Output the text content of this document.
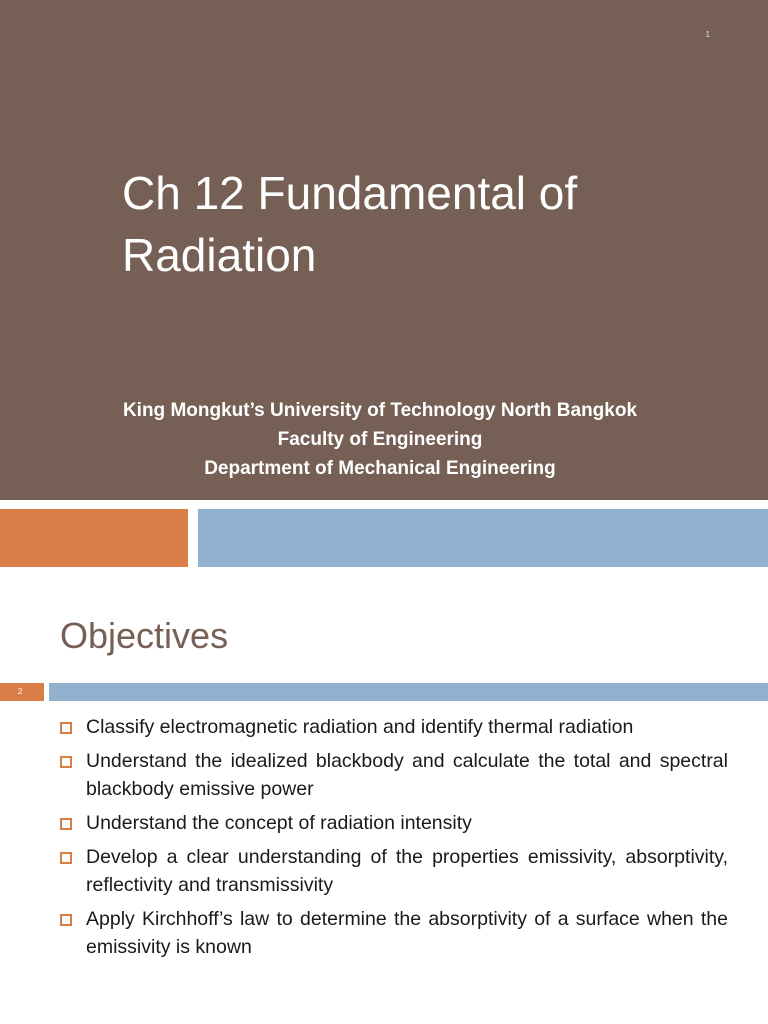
1
Ch 12 Fundamental of
Radiation
King Mongkut’s University of Technology North Bangkok
Faculty of Engineering
Department of Mechanical Engineering
Objectives
2
Classify electromagnetic radiation and identify thermal radiation
Understand the idealized blackbody and calculate the total and spectral blackbody emissive power
Understand the concept of radiation intensity
Develop a clear understanding of the properties emissivity, absorptivity, reflectivity and transmissivity
Apply Kirchhoff’s law to determine the absorptivity of a surface when the emissivity is known
